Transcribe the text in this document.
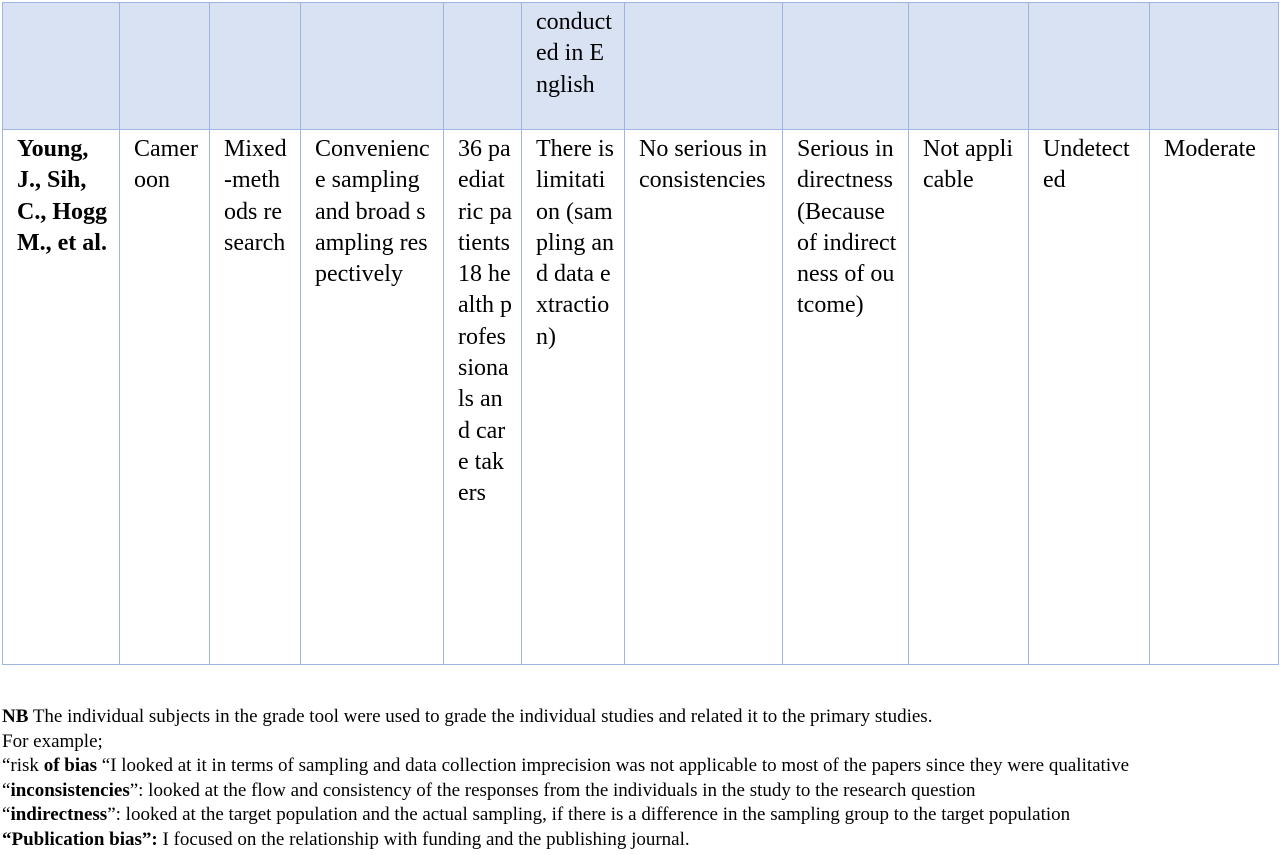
					conducted in English					
Young, J., Sih, C., Hogg M., et al.	Cameroon	Mixed-methods research	Convenience sampling and broad sampling respectively	36 paediatric patients 18 health professionals and care takers	There is limitation (sampling and data extraction)	No serious inconsistencies	Serious indirectness (Because of indirectness of outcome)	Not applicable	Undetected	Moderate

NB The individual subjects in the grade tool were used to grade the individual studies and related it to the primary studies.

For example;

“risk of bias “I looked at it in terms of sampling and data collection imprecision was not applicable to most of the papers since they were qualitative

“inconsistencies”: looked at the flow and consistency of the responses from the individuals in the study to the research question

“indirectness”: looked at the target population and the actual sampling, if there is a difference in the sampling group to the target population

“Publication bias”: I focused on the relationship with funding and the publishing journal.
